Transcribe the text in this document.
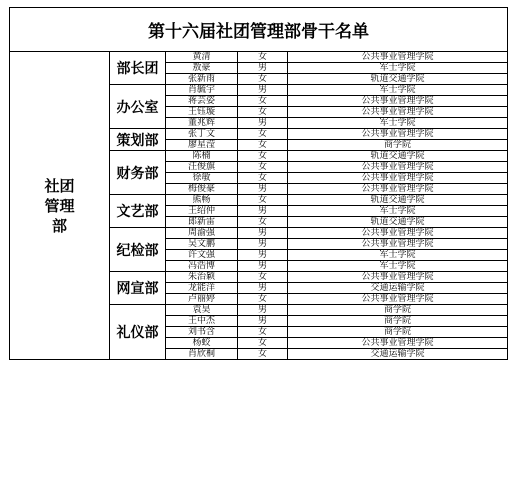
第十六届社团管理部骨干名单				

社团
管理
部	部长团	黄清	女	公共事业管理学院
		敖豪	男	军士学院
		张新雨	女	轨道交通学院
	办公室	肖毓宇	男	军士学院
		蒋芸姿	女	公共事业管理学院
		王钰璇	女	公共事业管理学院
		董兆辉	男	军士学院
	策划部	张丁文	女	公共事业管理学院
		廖星滢	女	商学院
	财务部	陈楠	女	轨道交通学院
		汪俊旗	女	公共事业管理学院
		徐敏	女	公共事业管理学院
		梅俊豪	男	公共事业管理学院
	文艺部	熊畅	女	轨道交通学院
		王绍仲	男	军士学院
		郎新雷	女	轨道交通学院
	纪检部	周渝强	男	公共事业管理学院
		吴文鹏	男	公共事业管理学院
		许文强	男	军士学院
		冯浩博	男	军士学院
	网宣部	朱治颖	女	公共事业管理学院
		龙能洋	男	交通运输学院
		卢丽婷	女	公共事业管理学院
	礼仪部	袁昊	男	商学院
		王中杰	男	商学院
		刘书含	女	商学院
		杨蛟	女	公共事业管理学院
		肖欣桐	女	交通运输学院
